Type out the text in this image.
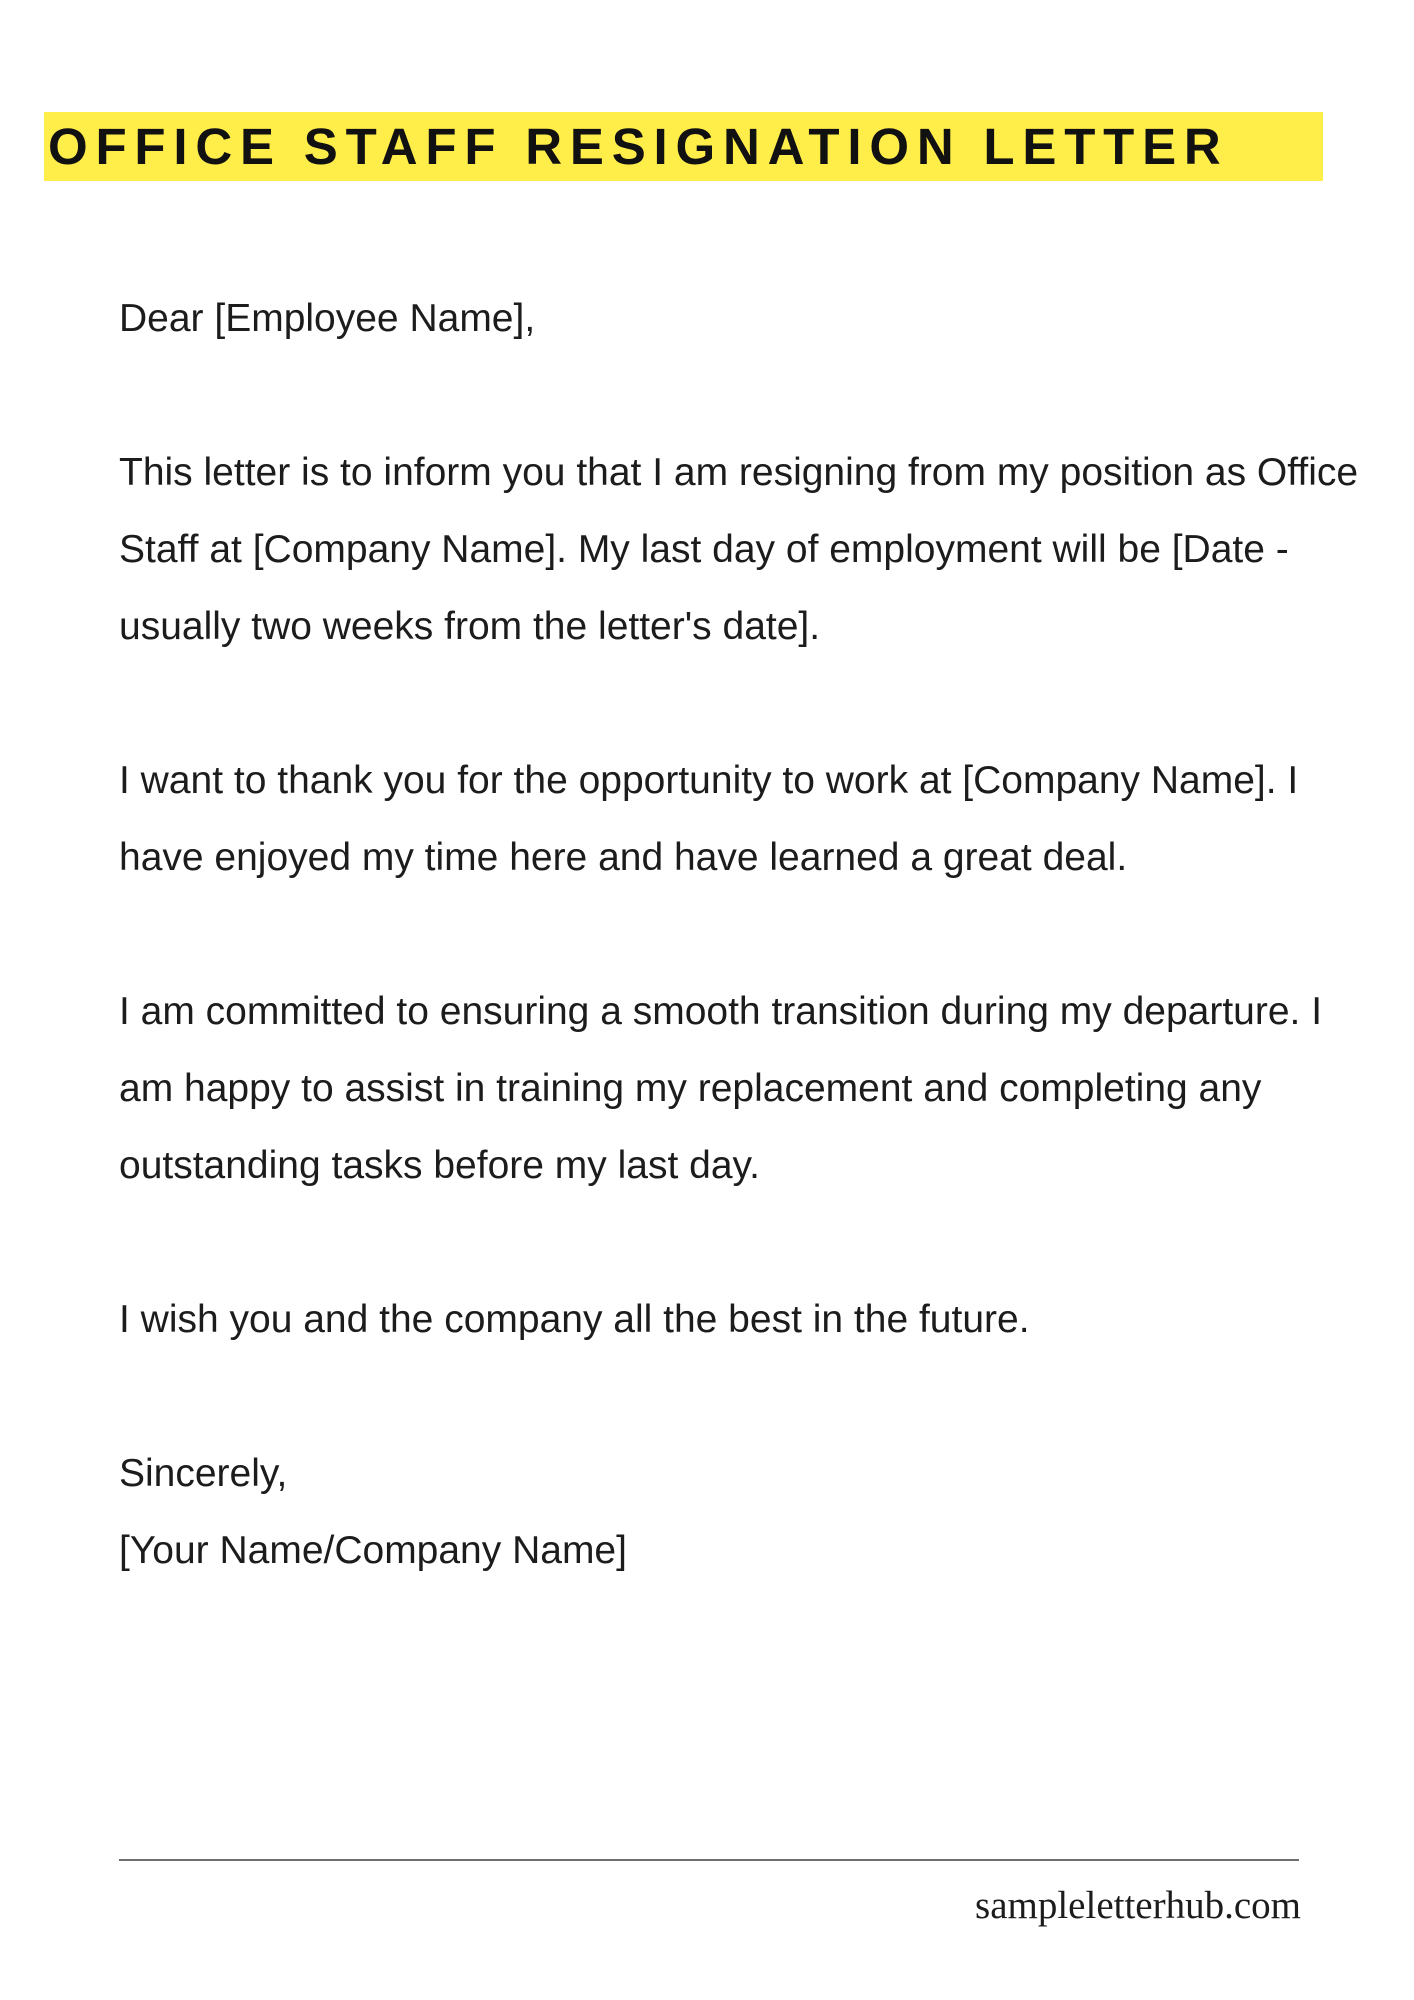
OFFICE STAFF RESIGNATION LETTER

Dear [Employee Name],

This letter is to inform you that I am resigning from my position as Office Staff at [Company Name]. My last day of employment will be [Date - usually two weeks from the letter's date].

I want to thank you for the opportunity to work at [Company Name]. I have enjoyed my time here and have learned a great deal.

I am committed to ensuring a smooth transition during my departure. I am happy to assist in training my replacement and completing any outstanding tasks before my last day.

I wish you and the company all the best in the future.

Sincerely,

[Your Name/Company Name]

sampleletterhub.com
